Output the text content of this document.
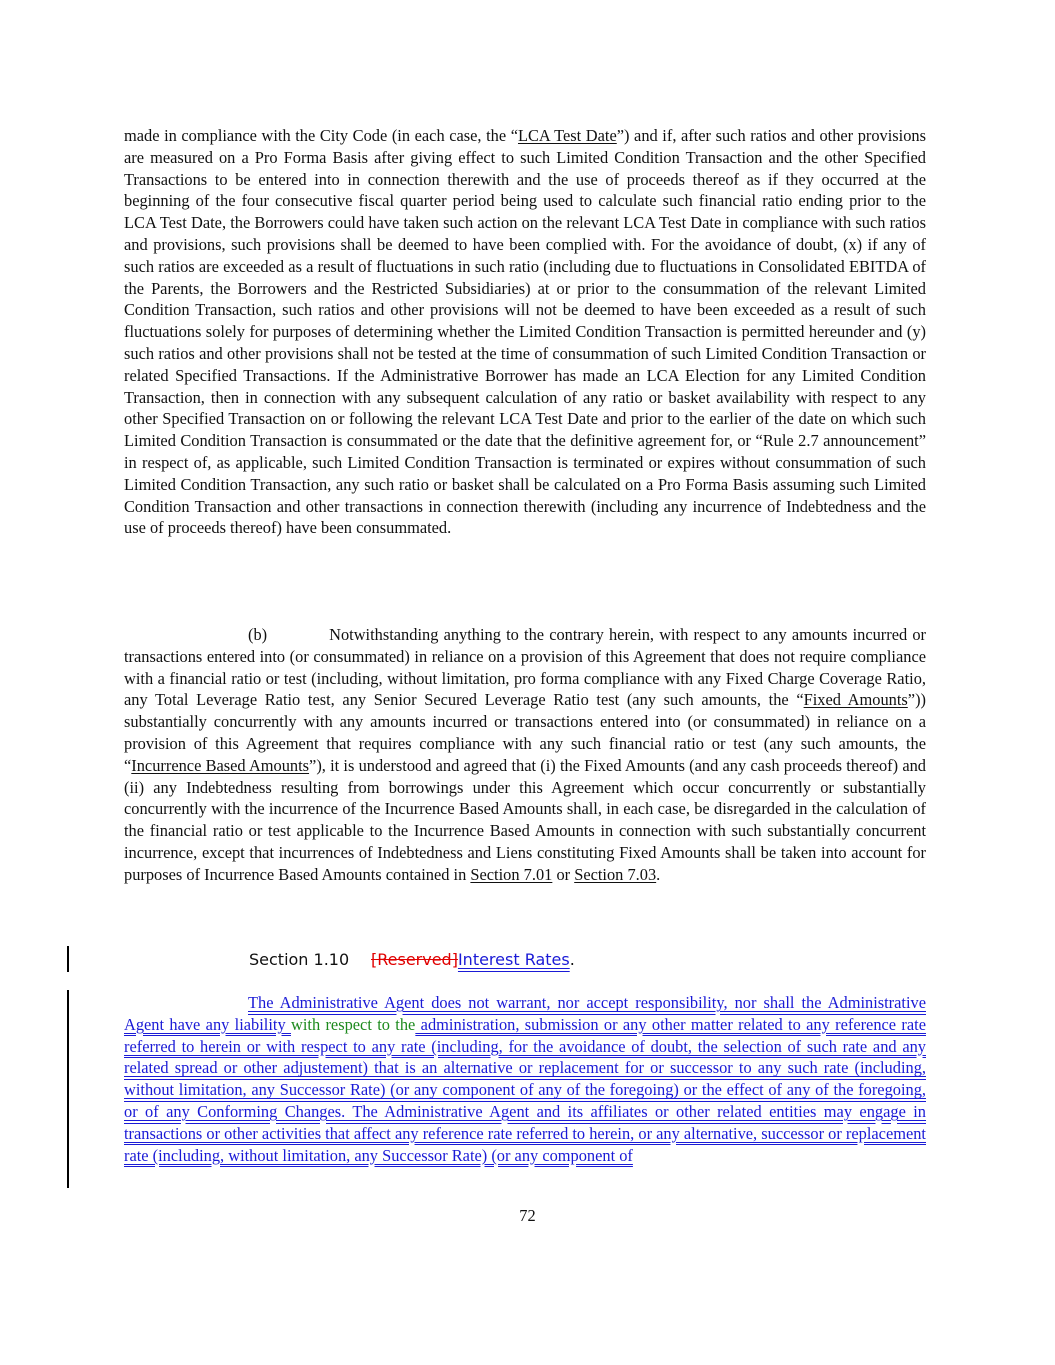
made in compliance with the City Code (in each case, the “LCA Test Date”) and if, after such ratios and other provisions are measured on a Pro Forma Basis after giving effect to such Limited Condition Transaction and the other Specified Transactions to be entered into in connection therewith and the use of proceeds thereof as if they occurred at the beginning of the four consecutive fiscal quarter period being used to calculate such financial ratio ending prior to the LCA Test Date, the Borrowers could have taken such action on the relevant LCA Test Date in compliance with such ratios and provisions, such provisions shall be deemed to have been complied with. For the avoidance of doubt, (x) if any of such ratios are exceeded as a result of fluctuations in such ratio (including due to fluctuations in Consolidated EBITDA of the Parents, the Borrowers and the Restricted Subsidiaries) at or prior to the consummation of the relevant Limited Condition Transaction, such ratios and other provisions will not be deemed to have been exceeded as a result of such fluctuations solely for purposes of determining whether the Limited Condition Transaction is permitted hereunder and (y) such ratios and other provisions shall not be tested at the time of consummation of such Limited Condition Transaction or related Specified Transactions. If the Administrative Borrower has made an LCA Election for any Limited Condition Transaction, then in connection with any subsequent calculation of any ratio or basket availability with respect to any other Specified Transaction on or following the relevant LCA Test Date and prior to the earlier of the date on which such Limited Condition Transaction is consummated or the date that the definitive agreement for, or “Rule 2.7 announcement” in respect of, as applicable, such Limited Condition Transaction is terminated or expires without consummation of such Limited Condition Transaction, any such ratio or basket shall be calculated on a Pro Forma Basis assuming such Limited Condition Transaction and other transactions in connection therewith (including any incurrence of Indebtedness and the use of proceeds thereof) have been consummated.

(b)	Notwithstanding anything to the contrary herein, with respect to any amounts incurred or transactions entered into (or consummated) in reliance on a provision of this Agreement that does not require compliance with a financial ratio or test (including, without limitation, pro forma compliance with any Fixed Charge Coverage Ratio, any Total Leverage Ratio test, any Senior Secured Leverage Ratio test (any such amounts, the “Fixed Amounts”)) substantially concurrently with any amounts incurred or transactions entered into (or consummated) in reliance on a provision of this Agreement that requires compliance with any such financial ratio or test (any such amounts, the “Incurrence Based Amounts”), it is understood and agreed that (i) the Fixed Amounts (and any cash proceeds thereof) and (ii) any Indebtedness resulting from borrowings under this Agreement which occur concurrently or substantially concurrently with the incurrence of the Incurrence Based Amounts shall, in each case, be disregarded in the calculation of the financial ratio or test applicable to the Incurrence Based Amounts in connection with such substantially concurrent incurrence, except that incurrences of Indebtedness and Liens constituting Fixed Amounts shall be taken into account for purposes of Incurrence Based Amounts contained in Section 7.01 or Section 7.03.

Section 1.10 [Reserved]Interest Rates.

The Administrative Agent does not warrant, nor accept responsibility, nor shall the Administrative Agent have any liability with respect to the administration, submission or any other matter related to any reference rate referred to herein or with respect to any rate (including, for the avoidance of doubt, the selection of such rate and any related spread or other adjustement) that is an alternative or replacement for or successor to any such rate (including, without limitation, any Successor Rate) (or any component of any of the foregoing) or the effect of any of the foregoing, or of any Conforming Changes. The Administrative Agent and its affiliates or other related entities may engage in transactions or other activities that affect any reference rate referred to herein, or any alternative, successor or replacement rate (including, without limitation, any Successor Rate) (or any component of

72
